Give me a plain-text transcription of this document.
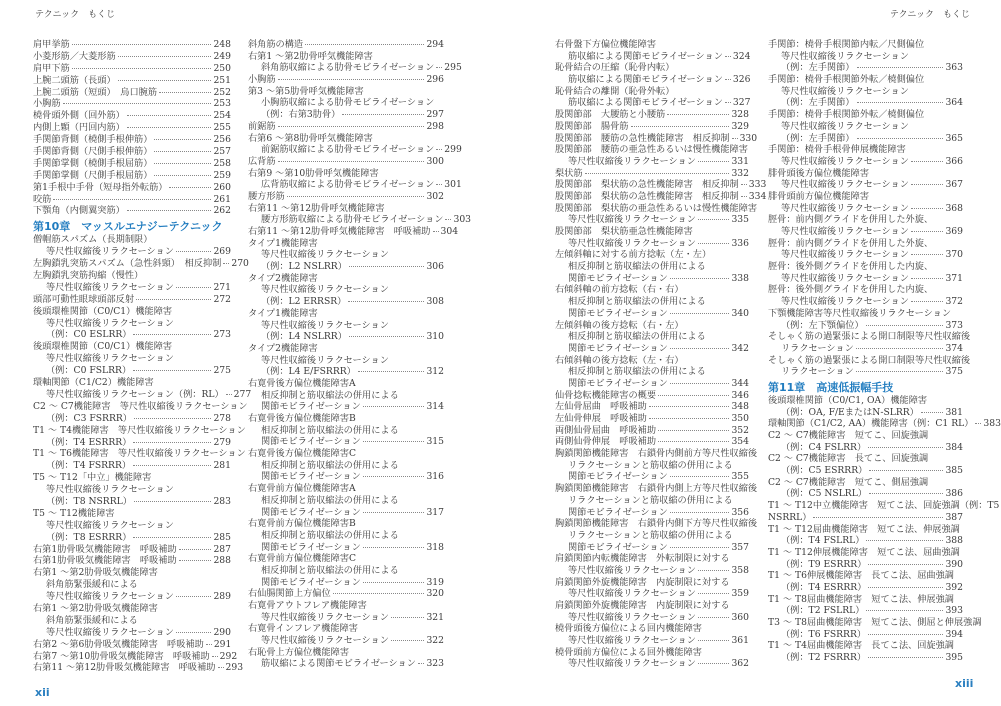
テクニック　もくじ	テクニック　もくじ
肩甲挙筋	248
小菱形筋／大菱形筋	249
肩甲下筋	250
上腕二頭筋（長頭）	251
上腕二頭筋（短頭）　烏口腕筋	252
小胸筋	253
橈骨頭外側（回外筋）	254
内側上顆（円回内筋）	255
手関節背側（橈側手根伸筋）	256
手関節背側（尺側手根伸筋）	257
手関節掌側（橈側手根屈筋）	258
手関節掌側（尺側手根屈筋）	259
第1手根中手骨（短母指外転筋）	260
咬筋	261
下顎角（内側翼突筋）	262
第10章　マッスルエナジーテクニック
僧帽筋スパズム（長期制限）
等尺性収縮後リラクセーション	269
左胸鎖乳突筋スパズム（急性斜頸）　相反抑制 270
左胸鎖乳突筋拘縮（慢性）
等尺性収縮後リラクセーション	271
頭部可動性眼球頭部反射	272
後頭環椎関節（C0/C1）機能障害
等尺性収縮後リラクセーション
（例：C0 ESLRR）	273
後頭環椎関節（C0/C1）機能障害
等尺性収縮後リラクセーション
（例：C0 FSLRR）	275
環軸関節（C1/C2）機能障害
等尺性収縮後リラクセーション（例：RL） 277
C2 ～ C7機能障害　等尺性収縮後リラクセーション
（例：C3 FSRRR）	278
T1 ～ T4機能障害　等尺性収縮後リラクセーション
（例：T4 ESRRR）	279
T1 ～ T6機能障害　等尺性収縮後リラクセーション
（例：T4 FSRRR）	281
T5 ～ T12「中立」機能障害
等尺性収縮後リラクセーション
（例：T8 NSRRL）	283
T5 ～ T12機能障害
等尺性収縮後リラクセーション
（例：T8 ESRRR）	285
右第1肋骨吸気機能障害　呼吸補助	287
右第1肋骨吸気機能障害　呼吸補助	288
右第1 ～第2肋骨吸気機能障害
斜角筋緊張緩和による
等尺性収縮後リラクセーション	289
右第1 ～第2肋骨吸気機能障害
斜角筋緊張緩和による
等尺性収縮後リラクセーション	290
右第2 ～第6肋骨吸気機能障害　呼吸補助 291
右第7 ～第10肋骨吸気機能障害　呼吸補助 292
右第11 ～第12肋骨吸気機能障害　呼吸補助 293
斜角筋の構造	294
右第1 ～第2肋骨呼気機能障害
斜角筋収縮による肋骨モビライゼーション 295
小胸筋	296
第3 ～第5肋骨呼気機能障害
小胸筋収縮による肋骨モビライゼーション
（例：右第3肋骨）	297
前鋸筋	298
右第6 ～第8肋骨呼気機能障害
前鋸筋収縮による肋骨モビライゼーション 299
広背筋	300
右第9 ～第10肋骨呼気機能障害
広背筋収縮による肋骨モビライゼーション 301
腰方形筋	302
右第11 ～第12肋骨呼気機能障害
腰方形筋収縮による肋骨モビライゼーション 303
右第11 ～第12肋骨呼気機能障害　呼吸補助 304
タイプ1機能障害
等尺性収縮後リラクセーション
（例：L2 NSLRR）	306
タイプ2機能障害
等尺性収縮後リラクセーション
（例：L2 ERRSR）	308
タイプ1機能障害
等尺性収縮後リラクセーション
（例：L4 NSLRR）	310
タイプ2機能障害
等尺性収縮後リラクセーション
（例：L4 E/FSRRR）	312
右寛骨後方偏位機能障害A
相反抑制と筋収縮法の併用による
関節モビライゼーション	314
右寛骨後方偏位機能障害B
相反抑制と筋収縮法の併用による
関節モビライゼーション	315
右寛骨後方偏位機能障害C
相反抑制と筋収縮法の併用による
関節モビライゼーション	316
右寛骨前方偏位機能障害A
相反抑制と筋収縮法の併用による
関節モビライゼーション	317
右寛骨前方偏位機能障害B
相反抑制と筋収縮法の併用による
関節モビライゼーション	318
右寛骨前方偏位機能障害C
相反抑制と筋収縮法の併用による
関節モビライゼーション	319
右仙腸関節上方偏位	320
右寛骨アウトフレア機能障害
等尺性収縮後リラクセーション	321
右寛骨インフレア機能障害
等尺性収縮後リラクセーション	322
右恥骨上方偏位機能障害
筋収縮による関節モビライゼーション 323
右骨盤下方偏位機能障害
筋収縮による関節モビライゼーション 324
恥骨結合の圧縮（恥骨内転）
筋収縮による関節モビライゼーション 326
恥骨結合の離開（恥骨外転）
筋収縮による関節モビライゼーション 327
股関節部　大腰筋と小腰筋	328
股関節部　腸骨筋	329
股関節部　腰筋の急性機能障害　相反抑制 330
股関節部　腰筋の亜急性あるいは慢性機能障害
等尺性収縮後リラクセーション	331
梨状筋	332
股関節部　梨状筋の急性機能障害　相反抑制 333
股関節部　梨状筋の急性機能障害　相反抑制 334
股関節部　梨状筋の亜急性あるいは慢性機能障害
等尺性収縮後リラクセーション	335
股関節部　梨状筋亜急性機能障害
等尺性収縮後リラクセーション	336
左傾斜軸に対する前方捻転（左・左）
相反抑制と筋収縮法の併用による
関節モビライゼーション	338
右傾斜軸の前方捻転（右・右）
相反抑制と筋収縮法の併用による
関節モビライゼーション	340
左傾斜軸の後方捻転（右・左）
相反抑制と筋収縮法の併用による
関節モビライゼーション	342
右傾斜軸の後方捻転（左・右）
相反抑制と筋収縮法の併用による
関節モビライゼーション	344
仙骨捻転機能障害の概要	346
左仙骨屈曲　呼吸補助	348
左仙骨伸展　呼吸補助	350
両側仙骨屈曲　呼吸補助	352
両側仙骨伸展　呼吸補助	354
胸鎖関節機能障害　右鎖骨内側前方等尺性収縮後
リラクセーションと筋収縮の併用による
関節モビライゼーション	355
胸鎖関節機能障害　右鎖骨内側上方等尺性収縮後
リラクセーションと筋収縮の併用による
関節モビライゼーション	356
胸鎖関節機能障害　右鎖骨内側下方等尺性収縮後
リラクセーションと筋収縮の併用による
関節モビライゼーション	357
肩鎖関節内転機能障害　外転制限に対する
等尺性収縮後リラクセーション	358
肩鎖関節外旋機能障害　内旋制限に対する
等尺性収縮後リラクセーション	359
肩鎖関節外旋機能障害　内旋制限に対する
等尺性収縮後リラクセーション	360
橈骨頭後方偏位による回内機能障害
等尺性収縮後リラクセーション	361
橈骨頭前方偏位による回外機能障害
等尺性収縮後リラクセーション	362
手関節：橈骨手根関節内転／尺側偏位
等尺性収縮後リラクセーション
（例：左手関節）	363
手関節：橈骨手根関節外転／橈側偏位
等尺性収縮後リラクセーション
（例：左手関節）	364
手関節：橈骨手根関節外転／橈側偏位
等尺性収縮後リラクセーション
（例：左手関節）	365
手関節：橈骨手根骨伸展機能障害
等尺性収縮後リラクセーション	366
腓骨頭後方偏位機能障害
等尺性収縮後リラクセーション	367
腓骨頭前方偏位機能障害
等尺性収縮後リラクセーション	368
脛骨：前内側グライドを併用した外旋、
等尺性収縮後リラクセーション	369
脛骨：前内側グライドを併用した外旋、
等尺性収縮後リラクセーション	370
脛骨：後外側グライドを併用した内旋、
等尺性収縮後リラクセーション	371
脛骨：後外側グライドを併用した内旋、
等尺性収縮後リラクセーション	372
下顎機能障害等尺性収縮後リラクセーション
（例：左下顎偏位）	373
そしゃく筋の過緊張による開口制限等尺性収縮後
リラクセーション	374
そしゃく筋の過緊張による開口制限等尺性収縮後
リラクセーション	375
第11章　高速低振幅手技
後頭環椎関節（C0/C1, OA）機能障害
（例：OA, F/EまたはN-SLRR）	381
環軸関節（C1/C2, AA）機能障害（例：C1 RL） 383
C2 ～ C7機能障害　短てこ、回旋強調
（例：C4 FSLRR）	384
C2 ～ C7機能障害　長てこ、回旋強調
（例：C5 ESRRR）	385
C2 ～ C7機能障害　短てこ、側屈強調
（例：C5 NSLRL）	386
T1 ～ T12中立機能障害　短てこ法、回旋強調（例：T5
NSRRL）	387
T1 ～ T12屈曲機能障害　短てこ法、伸展強調
（例：T4 FSLRL）	388
T1 ～ T12伸展機能障害　短てこ法、屈曲強調
（例：T9 ESRRR）	390
T1 ～ T6伸展機能障害　長てこ法、屈曲強調
（例：T4 ESRRR）	392
T1 ～ T8屈曲機能障害　短てこ法、伸展強調
（例：T2 FSLRL）	393
T3 ～ T8屈曲機能障害　短てこ法、側屈と伸展強調
（例：T6 FSRRR）	394
T1 ～ T4屈曲機能障害　長てこ法、回旋強調
（例：T2 FSRRR）	395
xii
xiii
